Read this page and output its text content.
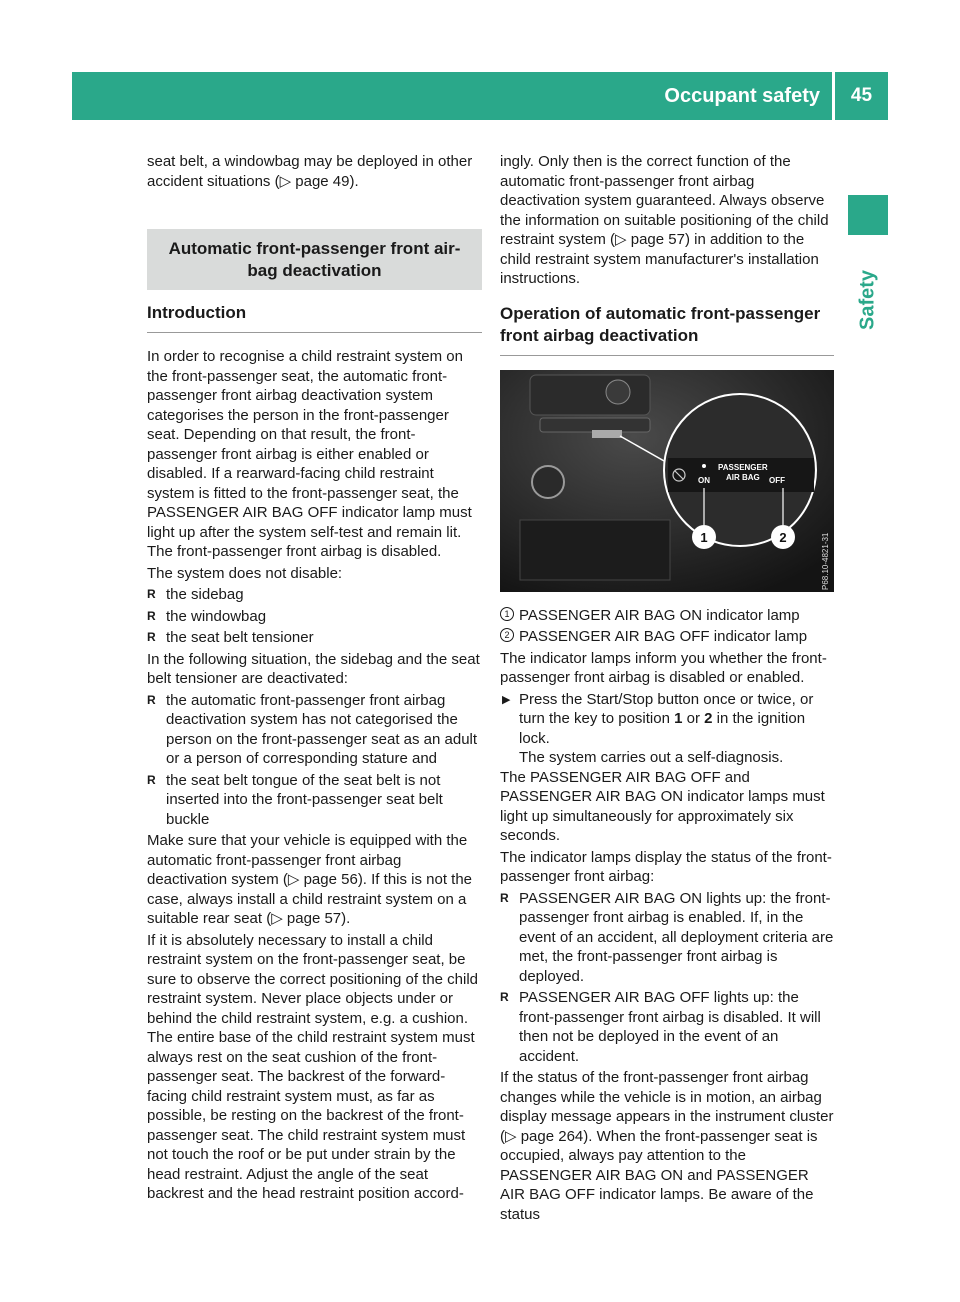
Occupant safety	45
Safety

seat belt, a windowbag may be deployed in other accident situations (▷ page 49).

Automatic front-passenger front air-
bag deactivation
Introduction

In order to recognise a child restraint system on the front-passenger seat, the automatic front-passenger front airbag deactivation system categorises the person in the front-passenger seat. Depending on that result, the front-passenger front airbag is either enabled or disabled. If a rearward-facing child restraint system is fitted to the front-passenger seat, the PASSENGER AIR BAG OFF indicator lamp must light up after the system self-test and remain lit. The front-passenger front airbag is disabled.

The system does not disable:

R the sidebag
R the windowbag
R the seat belt tensioner

In the following situation, the sidebag and the seat belt tensioner are deactivated:

R the automatic front-passenger front airbag deactivation system has not categorised the person on the front-passenger seat as an adult or a person of corresponding stature and
R the seat belt tongue of the seat belt is not inserted into the front-passenger seat belt buckle

Make sure that your vehicle is equipped with the automatic front-passenger front airbag deactivation system (▷ page 56). If this is not the case, always install a child restraint system on a suitable rear seat (▷ page 57).

If it is absolutely necessary to install a child restraint system on the front-passenger seat, be sure to observe the correct positioning of the child restraint system. Never place objects under or behind the child restraint system, e.g. a cushion. The entire base of the child restraint system must always rest on the seat cushion of the front-passenger seat. The backrest of the forward-facing child restraint system must, as far as possible, be resting on the backrest of the front-passenger seat. The child restraint system must not touch the roof or be put under strain by the head restraint. Adjust the angle of the seat backrest and the head restraint position accord-

ingly. Only then is the correct function of the automatic front-passenger front airbag deactivation system guaranteed. Always observe the information on suitable positioning of the child restraint system (▷ page 57) in addition to the child restraint system manufacturer's installation instructions.

Operation of automatic front-passenger front airbag deactivation
ON
PASSENGER
AIR BAG OFF
1	2	P68.10-4821-31
1 PASSENGER AIR BAG ON indicator lamp
2 PASSENGER AIR BAG OFF indicator lamp

The indicator lamps inform you whether the front-passenger front airbag is disabled or enabled.

▶ Press the Start/Stop button once or twice, or turn the key to position 1 or 2 in the ignition lock.
The system carries out a self-diagnosis.

The PASSENGER AIR BAG OFF and PASSENGER AIR BAG ON indicator lamps must light up simultaneously for approximately six seconds.

The indicator lamps display the status of the front-passenger front airbag:

R PASSENGER AIR BAG ON lights up: the front-passenger front airbag is enabled. If, in the event of an accident, all deployment criteria are met, the front-passenger front airbag is deployed.
R PASSENGER AIR BAG OFF lights up: the front-passenger front airbag is disabled. It will then not be deployed in the event of an accident.

If the status of the front-passenger front airbag changes while the vehicle is in motion, an airbag display message appears in the instrument cluster (▷ page 264). When the front-passenger seat is occupied, always pay attention to the PASSENGER AIR BAG ON and PASSENGER AIR BAG OFF indicator lamps. Be aware of the status
